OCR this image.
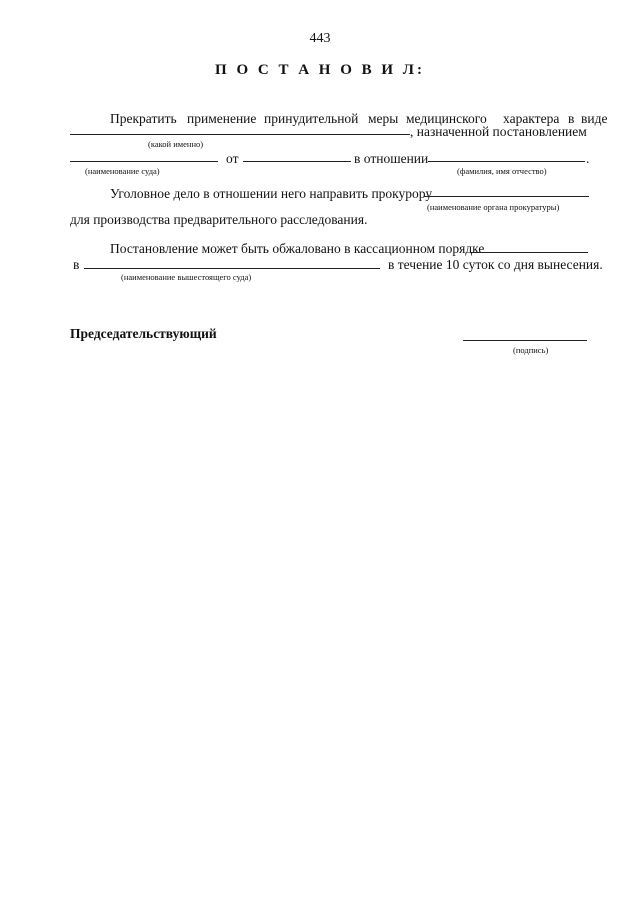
443
П О С Т А Н О В И Л:
Прекратить применение принудительной меры медицинского характера в виде
, назначенной постановлением
(какой именно)
от	в отношении	.
(наименование суда)	(фамилия, имя отчество)
Уголовное дело в отношении него направить прокурору
(наименование органа прокуратуры)
для производства предварительного расследования.
Постановление может быть обжаловано в кассационном порядке
в	в течение 10 суток со дня вынесения.
(наименование вышестоящего суда)
Председательствующий
(подпись)
